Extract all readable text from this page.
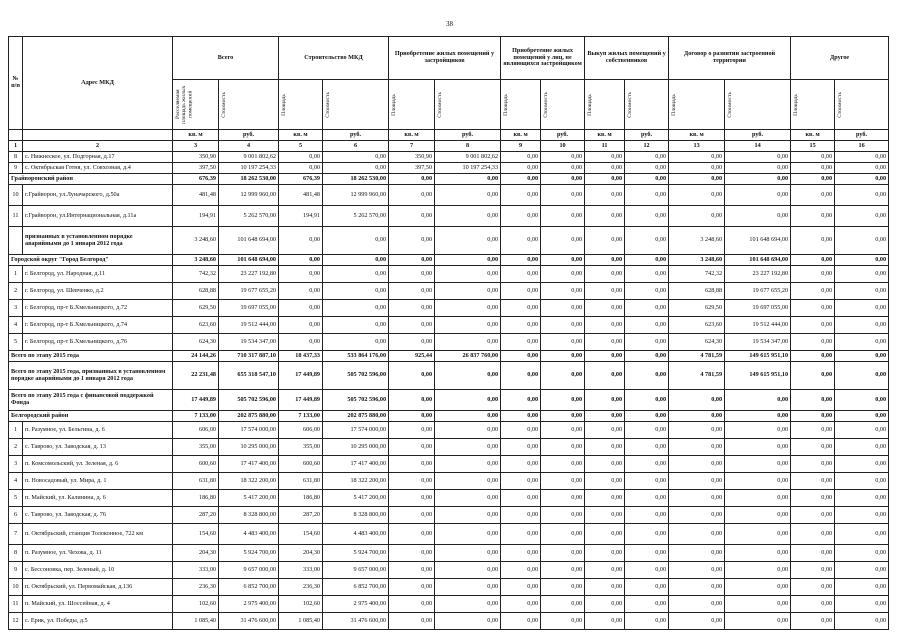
38
№ п/п	Адрес МКД	Всего		Строительство МКД		Приобретение жилых помещений у застройщиков		Приобретение жилых помещений у лиц, не являющихся застройщиком		Выкуп жилых помещений у собственников		Договор о развитии застроенной территории		Другое	

		Расселяемая площадь жилых помещений	Стоимость	Площадь	Стоимость	Площадь	Стоимость	Площадь	Стоимость	Площадь	Стоимость	Площадь	Стоимость	Площадь	Стоимость

		кв. м	руб.	кв. м	руб.	кв. м	руб.	кв. м	руб.	кв. м	руб.	кв. м	руб.	кв. м	руб.
1	2	3	4	5	6	7	8	9	10	11	12	13	14	15	16
8	с. Нижнеское, ул. Подгорная, д.17	350,90	9 001 802,62	0,00	0,00	350,90	9 001 802,62	0,00	0,00	0,00	0,00	0,00	0,00	0,00	0,00
9	с. Октябрьская Готня, ул. Совхозная, д.4	397,50	10 197 254,33	0,00	0,00	397,50	10 197 254,33	0,00	0,00	0,00	0,00	0,00	0,00	0,00	0,00
Грайворонский район		676,39	18 262 530,00	676,39	18 262 530,00	0,00	0,00	0,00	0,00	0,00	0,00	0,00	0,00	0,00	0,00
10	г.Грайворон, ул.Луначарского, д.50а	481,48	12 999 960,00	481,48	12 999 960,00	0,00	0,00	0,00	0,00	0,00	0,00	0,00	0,00	0,00	0,00
11	г.Грайворон, ул.Интернациональная, д.11а	194,91	5 262 570,00	194,91	5 262 570,00	0,00	0,00	0,00	0,00	0,00	0,00	0,00	0,00	0,00	0,00
	признанных в установленном порядке аварийными до 1 января 2012 года	3 248,60	101 648 694,00	0,00	0,00	0,00	0,00	0,00	0,00	0,00	0,00	3 248,60	101 648 694,00	0,00	0,00
Городской округ "Город Белгород"		3 248,60	101 648 694,00	0,00	0,00	0,00	0,00	0,00	0,00	0,00	0,00	3 248,60	101 648 694,00	0,00	0,00
1	г. Белгород, ул. Народная, д.11	742,32	23 227 192,80	0,00	0,00	0,00	0,00	0,00	0,00	0,00	0,00	742,32	23 227 192,80	0,00	0,00
2	г. Белгород, ул. Шевченко, д.2	628,88	19 677 655,20	0,00	0,00	0,00	0,00	0,00	0,00	0,00	0,00	628,88	19 677 655,20	0,00	0,00
3	г. Белгород, пр-т Б.Хмельницкого, д.72	629,50	19 697 055,00	0,00	0,00	0,00	0,00	0,00	0,00	0,00	0,00	629,50	19 697 055,00	0,00	0,00
4	г. Белгород, пр-т Б.Хмельницкого, д.74	623,60	19 512 444,00	0,00	0,00	0,00	0,00	0,00	0,00	0,00	0,00	623,60	19 512 444,00	0,00	0,00
5	г. Белгород, пр-т Б.Хмельницкого, д.76	624,30	19 534 347,00	0,00	0,00	0,00	0,00	0,00	0,00	0,00	0,00	624,30	19 534 347,00	0,00	0,00
Всего по этапу 2015 года		24 144,26	710 317 887,10	18 437,33	533 864 176,00	925,44	26 837 760,00	0,00	0,00	0,00	0,00	4 781,59	149 615 951,10	0,00	0,00
Всего по этапу 2015 года, признанных в установленном порядке аварийными до 1 января 2012 года		22 231,48	655 318 547,10	17 449,89	505 702 596,00	0,00	0,00	0,00	0,00	0,00	0,00	4 781,59	149 615 951,10	0,00	0,00
Всего по этапу 2015 года с финансовой поддержкой Фонда		17 449,89	505 702 596,00	17 449,89	505 702 596,00	0,00	0,00	0,00	0,00	0,00	0,00	0,00	0,00	0,00	0,00
Белгородский район		7 133,00	202 875 880,00	7 133,00	202 875 880,00	0,00	0,00	0,00	0,00	0,00	0,00	0,00	0,00	0,00	0,00
1	п. Разумное, ул. Бельгина, д. 6	606,00	17 574 000,00	606,00	17 574 000,00	0,00	0,00	0,00	0,00	0,00	0,00	0,00	0,00	0,00	0,00
2	с. Таврово, ул. Заводская, д. 13	355,00	10 295 000,00	355,00	10 295 000,00	0,00	0,00	0,00	0,00	0,00	0,00	0,00	0,00	0,00	0,00
3	п. Комсомольский, ул. Зеленая, д. 6	600,60	17 417 400,00	600,60	17 417 400,00	0,00	0,00	0,00	0,00	0,00	0,00	0,00	0,00	0,00	0,00
4	п. Новосадовый, ул. Мира, д. 1	631,80	18 322 200,00	631,80	18 322 200,00	0,00	0,00	0,00	0,00	0,00	0,00	0,00	0,00	0,00	0,00
5	п. Майский, ул. Калинина, д. 6	186,80	5 417 200,00	186,80	5 417 200,00	0,00	0,00	0,00	0,00	0,00	0,00	0,00	0,00	0,00	0,00
6	с. Таврово, ул. Заводская, д. 76	287,20	8 328 800,00	287,20	8 328 800,00	0,00	0,00	0,00	0,00	0,00	0,00	0,00	0,00	0,00	0,00
7	п. Октябрьский, станция Толоконное, 722 км	154,60	4 483 400,00	154,60	4 483 400,00	0,00	0,00	0,00	0,00	0,00	0,00	0,00	0,00	0,00	0,00
8	п. Разумное, ул. Чехова, д. 11	204,30	5 924 700,00	204,30	5 924 700,00	0,00	0,00	0,00	0,00	0,00	0,00	0,00	0,00	0,00	0,00
9	с. Бессоновка, пер. Зеленый, д. 10	333,00	9 657 000,00	333,00	9 657 000,00	0,00	0,00	0,00	0,00	0,00	0,00	0,00	0,00	0,00	0,00
10	п. Октябрьский, ул. Первомайская, д.136	236,30	6 852 700,00	236,30	6 852 700,00	0,00	0,00	0,00	0,00	0,00	0,00	0,00	0,00	0,00	0,00
11	п. Майский, ул. Шоссейная, д. 4	102,60	2 975 400,00	102,60	2 975 400,00	0,00	0,00	0,00	0,00	0,00	0,00	0,00	0,00	0,00	0,00
12	с. Ерик, ул. Победы, д.5	1 085,40	31 476 600,00	1 085,40	31 476 600,00	0,00	0,00	0,00	0,00	0,00	0,00	0,00	0,00	0,00	0,00
